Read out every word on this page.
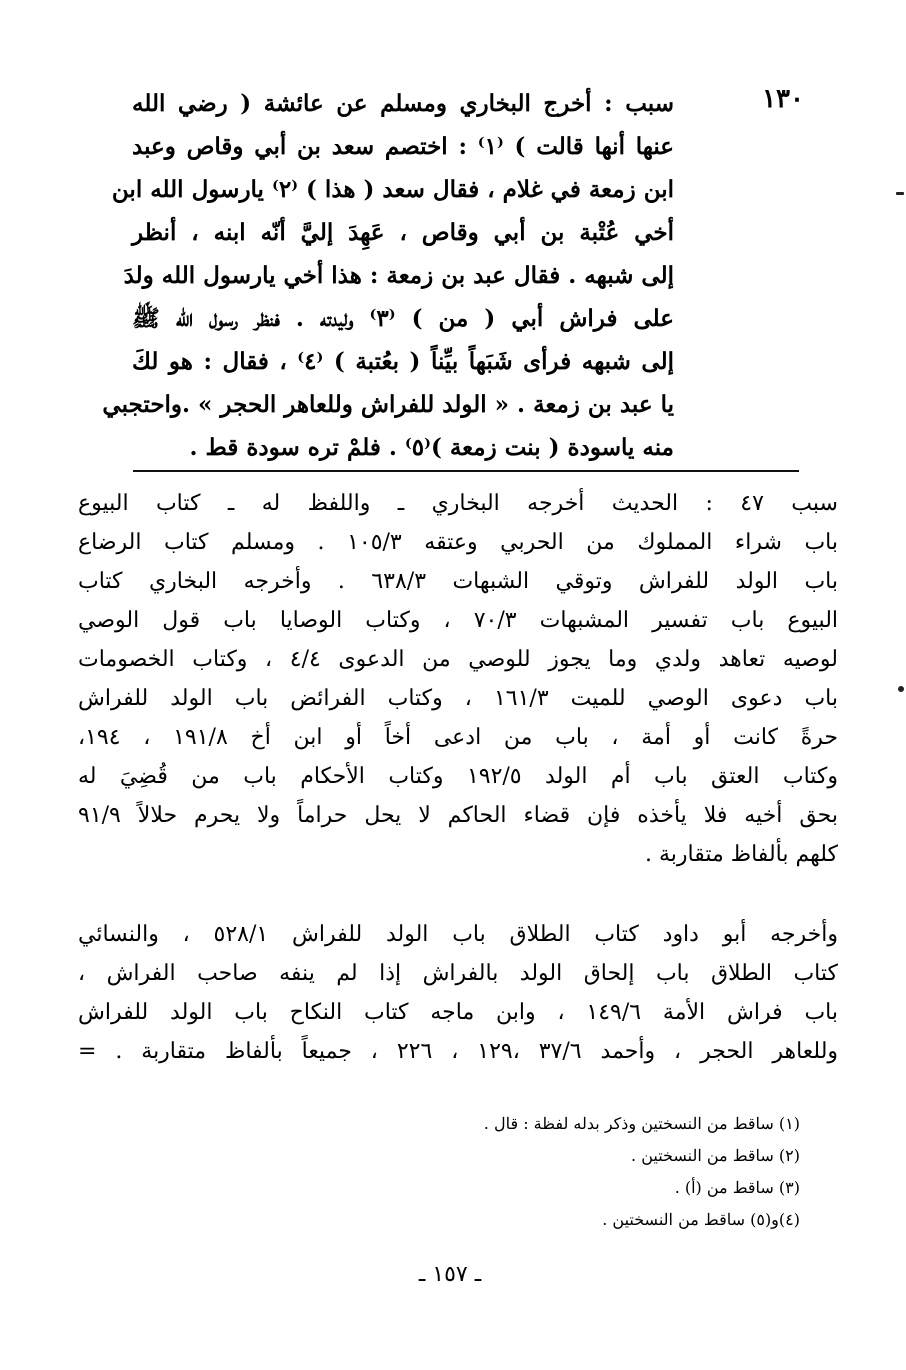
١٣٠
سبب : أخرج البخاري ومسلم عن عائشة ( رضي الله
عنها أنها قالت ) ⁽١⁾ : اختصم سعد بن أبي وقاص وعبد
ابن زمعة في غلام ، فقال سعد ( هذا ) ⁽٢⁾ يارسول الله ابن
أخي عُتْبة بن أبي وقاص ، عَهِدَ إليَّ أنّه ابنه ، أنظر
إلى شبهه . فقال عبد بن زمعة : هذا أخي يارسول الله ولدَ
على فراش أبي ( من ) ⁽٣⁾ وليدته . فنظر رسول الله ﷺ
إلى شبهه فرأى شَبَهاً بيِّناً ( بعُتبة ) ⁽٤⁾ ، فقال : هو لكَ
يا عبد بن زمعة . « الولد للفراش وللعاهر الحجر » .واحتجبي
منه ياسودة ( بنت زمعة )⁽٥⁾ . فلمْ تره سودة قط .
سبب ٤٧ : الحديث أخرجه البخاري ـ واللفظ له ـ كتاب البيوع
باب شراء المملوك من الحربي وعتقه ١٠٥/٣ . ومسلم كتاب الرضاع
باب الولد للفراش وتوقي الشبهات ٦٣٨/٣ . وأخرجه البخاري كتاب
البيوع باب تفسير المشبهات ٧٠/٣ ، وكتاب الوصايا باب قول الوصي
لوصيه تعاهد ولدي وما يجوز للوصي من الدعوى ٤/٤ ، وكتاب الخصومات
باب دعوى الوصي للميت ١٦١/٣ ، وكتاب الفرائض باب الولد للفراش
حرةً كانت أو أمة ، باب من ادعى أخاً أو ابن أخ ١٩١/٨ ، ١٩٤،
وكتاب العتق باب أم الولد ١٩٢/٥ وكتاب الأحكام باب من قُضِيَ له
بحق أخيه فلا يأخذه فإن قضاء الحاكم لا يحل حراماً ولا يحرم حلالاً ٩١/٩
كلهم بألفاظ متقاربة .
وأخرجه أبو داود كتاب الطلاق باب الولد للفراش ٥٢٨/١ ، والنسائي
كتاب الطلاق باب إلحاق الولد بالفراش إذا لم ينفه صاحب الفراش ،
باب فراش الأمة ١٤٩/٦ ، وابن ماجه كتاب النكاح باب الولد للفراش
وللعاهر الحجر ، وأحمد ٣٧/٦ ،١٢٩ ، ٢٢٦ ، جميعاً بألفاظ متقاربة . =
(١) ساقط من النسختين وذكر بدله لفظة : قال .
(٢) ساقط من النسختين .
(٣) ساقط من (أ) .
(٤)و(٥) ساقط من النسختين .
ـ ١٥٧ ـ
